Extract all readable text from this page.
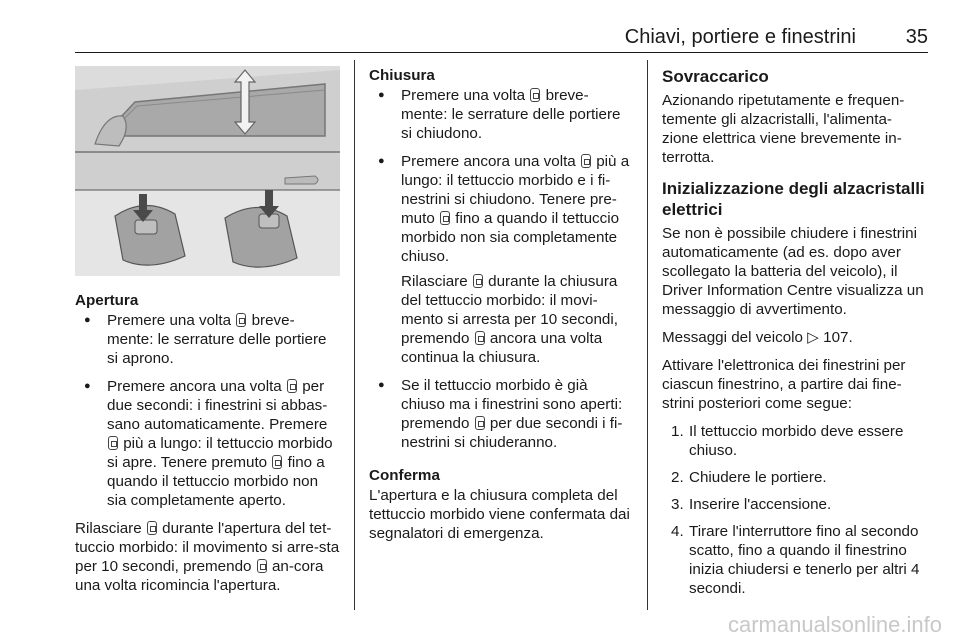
Chiavi, portiere e finestrini 35
Apertura
● Premere una volta breve-mente: le serrature delle portiere si aprono.
● Premere ancora una volta per due secondi: i finestrini si abbas-sano automaticamente. Premere  più a lungo: il tettuccio morbido si apre. Tenere premuto fino a quando il tettuccio morbido non sia completamente aperto.

Rilasciare durante l'apertura del tet-tuccio morbido: il movimento si arre-sta per 10 secondi, premendo an-cora una volta ricomincia l'apertura.

Chiusura
● Premere una volta breve-mente: le serrature delle portiere si chiudono.
● Premere ancora una volta più a lungo: il tettuccio morbido e i fi-nestrini si chiudono. Tenere pre-muto fino a quando il tettuccio morbido non sia completamente chiuso.

Rilasciare durante la chiusura del tettuccio morbido: il movi-mento si arresta per 10 secondi, premendo ancora una volta continua la chiusura.

● Se il tettuccio morbido è già chiuso ma i finestrini sono aperti: premendo per due secondi i fi-nestrini si chiuderanno.
Conferma

L'apertura e la chiusura completa del tettuccio morbido viene confermata dai segnalatori di emergenza.

Sovraccarico

Azionando ripetutamente e frequen-temente gli alzacristalli, l'alimenta-zione elettrica viene brevemente in-terrotta.

Inizializzazione degli alzacristalli elettrici

Se non è possibile chiudere i finestrini automaticamente (ad es. dopo aver scollegato la batteria del veicolo), il Driver Information Centre visualizza un messaggio di avvertimento.

Messaggi del veicolo ▷ 107.

Attivare l'elettronica dei finestrini per ciascun finestrino, a partire dai fine-strini posteriori come segue:

1. Il tettuccio morbido deve essere chiuso.
2. Chiudere le portiere.
3. Inserire l'accensione.
4. Tirare l'interruttore fino al secondo scatto, fino a quando il finestrino inizia chiudersi e tenerlo per altri 4 secondi.
carmanualsonline.info
